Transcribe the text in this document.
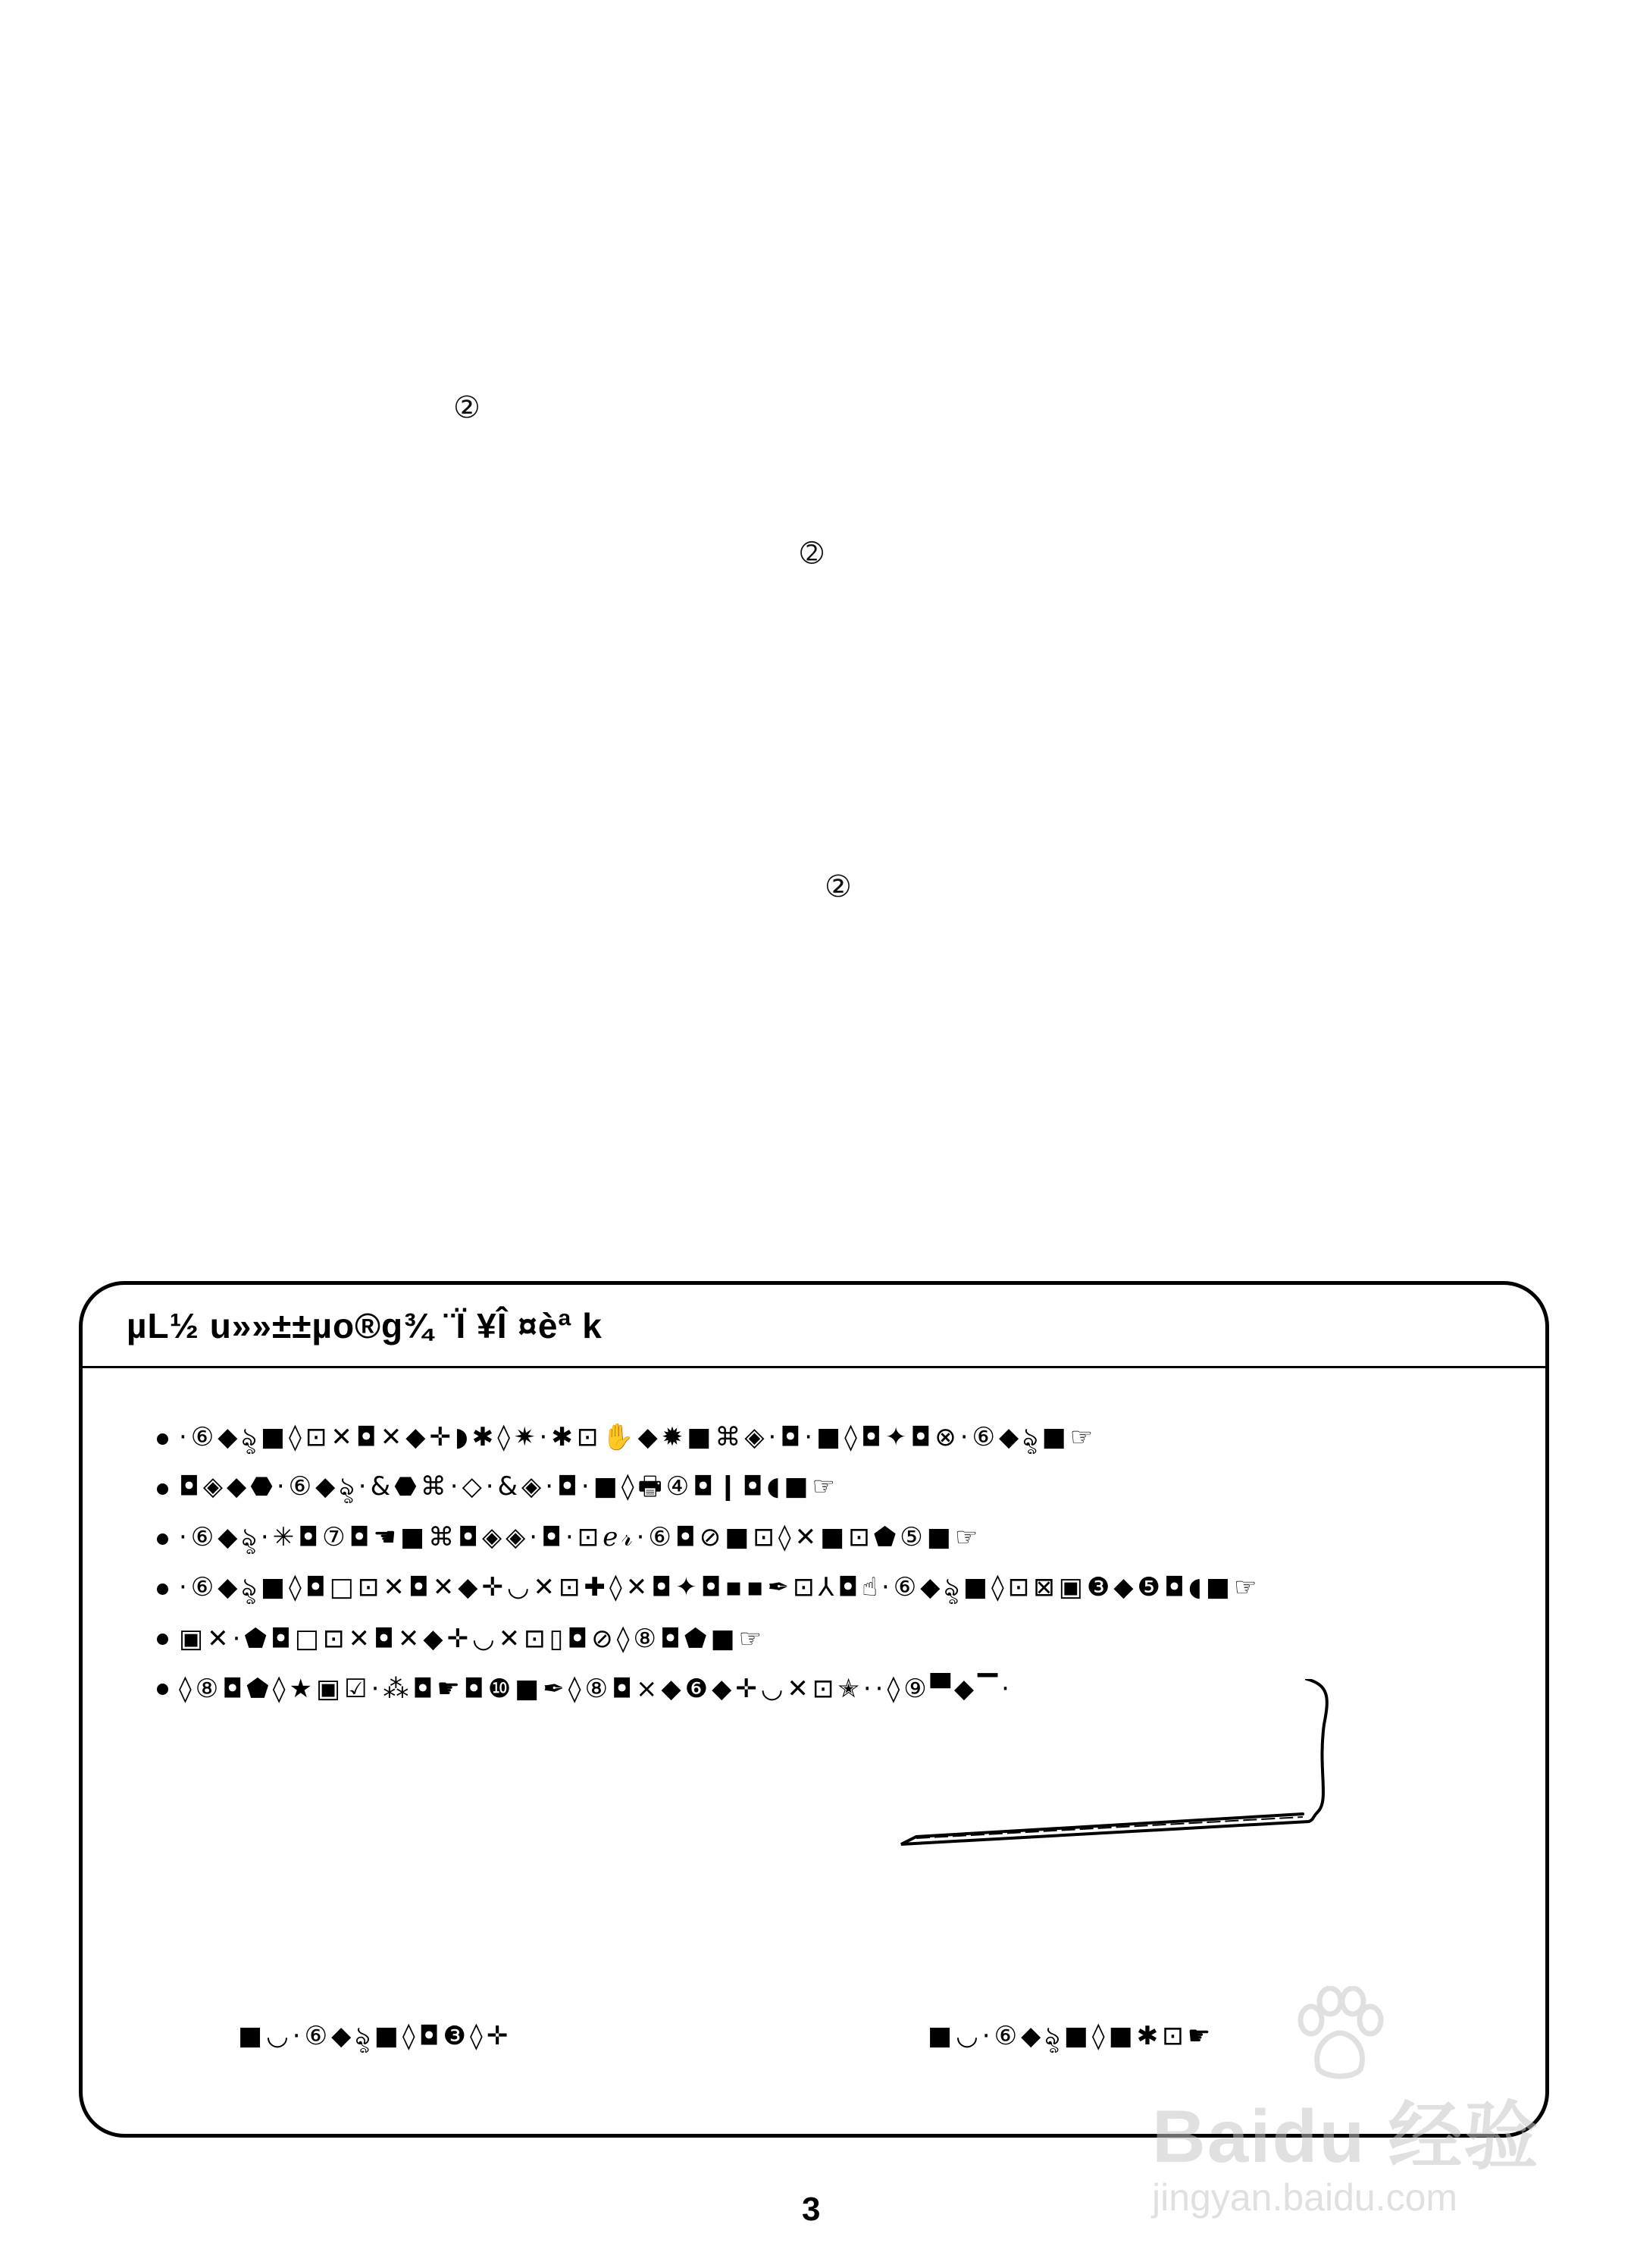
②
➁
②
µL½ u»»±±µo®g¾ ¨Ï ¥Î ¤èª k
·⑥◆ৡ■◊⊡✕◘✕◆✛◗✱◊✷·✱⊡✋◆✹■⌘◈·◘·■◊◘✦◘⊗·⑥◆ৡ■☞
◘◈◆⬣·⑥◆ৡ·&⬣⌘·◇·&◈·◘·■◊🖶④◘❙◘◖■☞
·⑥◆ৡ·✳◘⑦◘☚■⌘◘◈◈·◘·⊡ℯ𝓇·⑥◘⊘■⊡◊✕■⊡⬟⑤■☞
·⑥◆ৡ■◊◘□⊡✕◘✕◆✛◡✕⊡✚◊✕◘✦◘▪▪✒⊡⅄◘☝·⑥◆ৡ■◊⊡⊠▣❸◆❺◘◖■☞
▣✕·⬟◘□⊡✕◘✕◆✛◡✕⊡▯◘⊘◊⑧◘⬟■☞
◊⑧◘⬟◊★▣☑·⁂◘☛◘❿■✒◊⑧◘×◆❻◆✛◡✕⊡✭··◊⑨▀◆▔·
■◡·⑥◆ৡ■◊◘❸◊✛	■◡·⑥◆ৡ■◊■✱⊡☛
Baidu 经验
jingyan.baidu.com
3
